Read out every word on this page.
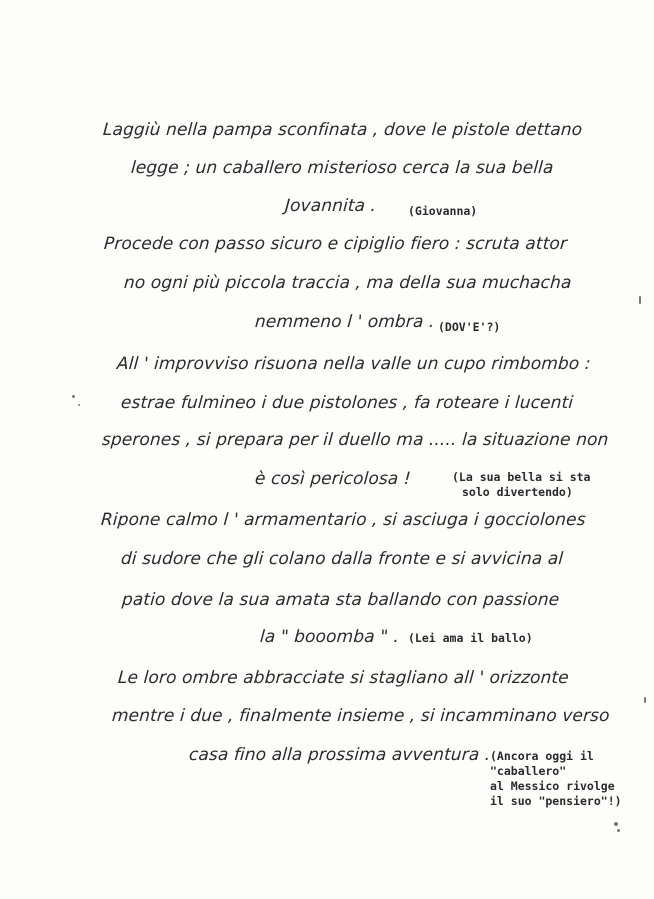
Laggiù nella pampa sconfinata , dove le pistole dettano
legge ; un caballero misterioso cerca la sua bella
Jovannita .
Procede con passo sicuro e cipiglio fiero : scruta attor
no ogni più piccola traccia , ma della sua muchacha
nemmeno l ' ombra .
All ' improvviso risuona nella valle un cupo rimbombo :
estrae fulmineo i due pistolones , fa roteare i lucenti
sperones , si prepara per il duello ma ..... la situazione non
è così pericolosa !
Ripone calmo l ' armamentario , si asciuga i gocciolones
di sudore che gli colano dalla fronte e si avvicina al
patio dove la sua amata sta ballando con passione
la " booomba " .
Le loro ombre abbracciate si stagliano all ' orizzonte
mentre i due , finalmente insieme , si incamminano verso
casa fino alla prossima avventura .
(Giovanna)
(DOV'E'?)
(La sua bella si sta
solo divertendo)
(Lei ama il ballo)
(Ancora oggi il
"caballero"
al Messico rivolge
il suo "pensiero"!)
